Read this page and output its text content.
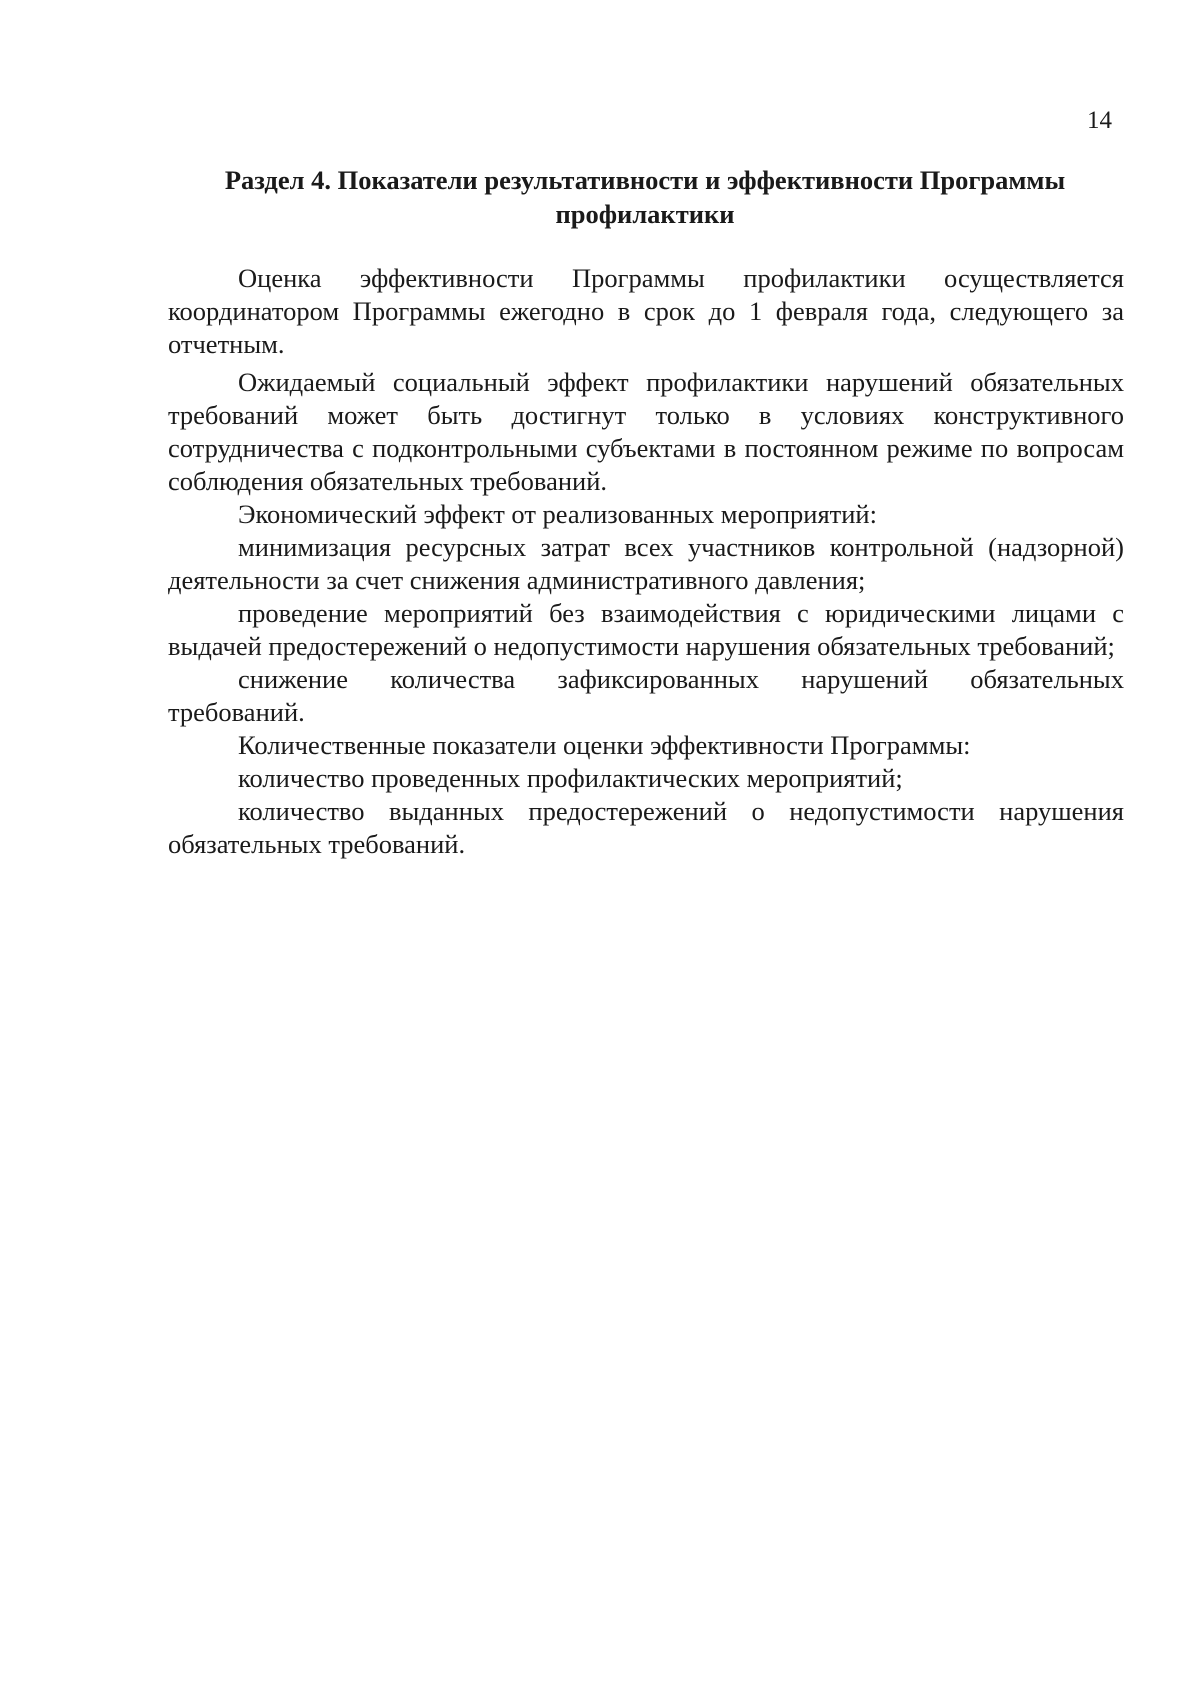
14
Раздел 4. Показатели результативности и эффективности Программы
профилактики

Оценка эффективности Программы профилактики осуществляется координатором Программы ежегодно в срок до 1 февраля года, следующего за отчетным.

Ожидаемый социальный эффект профилактики нарушений обязательных требований может быть достигнут только в условиях конструктивного сотрудничества с подконтрольными субъектами в постоянном режиме по вопросам соблюдения обязательных требований.

Экономический эффект от реализованных мероприятий:

минимизация ресурсных затрат всех участников контрольной (надзорной) деятельности за счет снижения административного давления;

проведение мероприятий без взаимодействия с юридическими лицами с выдачей предостережений о недопустимости нарушения обязательных требований;

снижение количества зафиксированных нарушений обязательных требований.

Количественные показатели оценки эффективности Программы:

количество проведенных профилактических мероприятий;

количество выданных предостережений о недопустимости нарушения обязательных требований.
